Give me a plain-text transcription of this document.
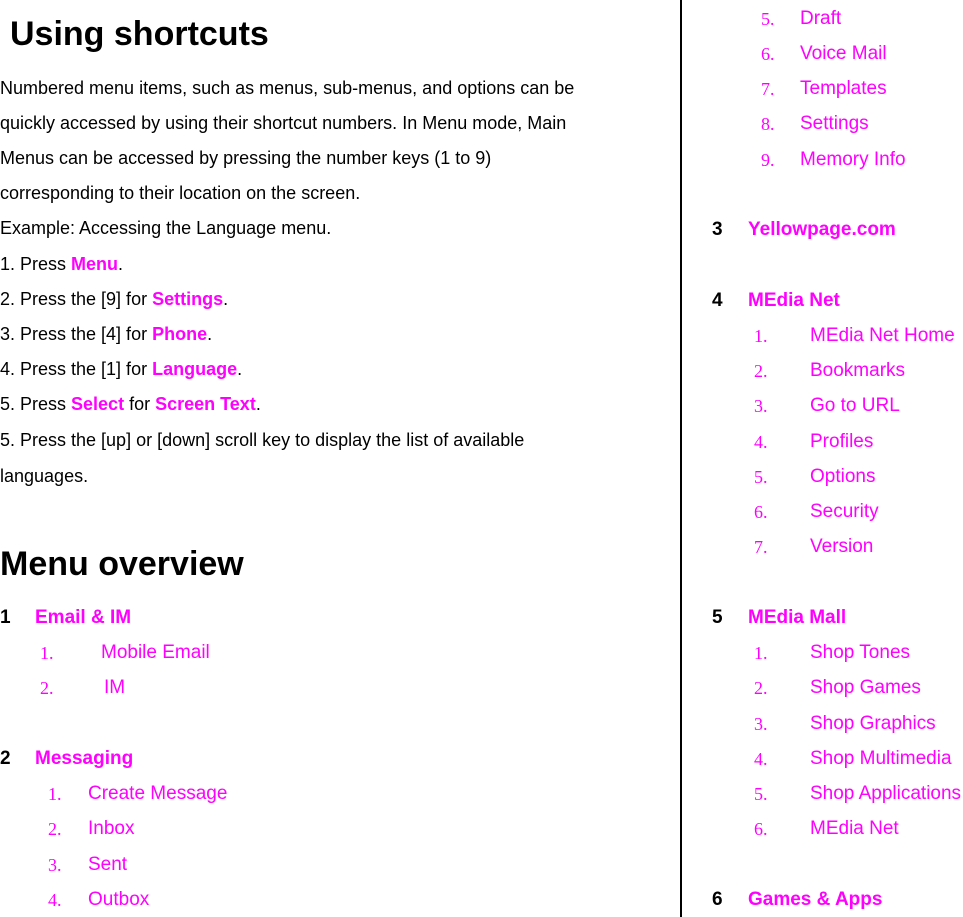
Using shortcuts
Numbered menu items, such as menus, sub-menus, and options can be
quickly accessed by using their shortcut numbers. In Menu mode, Main
Menus can be accessed by pressing the number keys (1 to 9)
corresponding to their location on the screen.
Example: Accessing the Language menu.
1. Press Menu.
2. Press the [9] for Settings.
3. Press the [4] for Phone.
4. Press the [1] for Language.
5. Press Select for Screen Text.
5. Press the [up] or [down] scroll key to display the list of available
languages.
Menu overview
1 Email & IM
1.	Mobile Email
2.	IM
2 Messaging
1. Create Message
2. Inbox
3. Sent
4. Outbox
5. Draft
6. Voice Mail
7. Templates
8. Settings
9. Memory Info
3 Yellowpage.com
4 MEdia Net
1. MEdia Net Home
2. Bookmarks
3. Go to URL
4. Profiles
5. Options
6. Security
7. Version
5 MEdia Mall
1. Shop Tones
2. Shop Games
3. Shop Graphics
4. Shop Multimedia
5. Shop Applications
6. MEdia Net
6 Games & Apps
